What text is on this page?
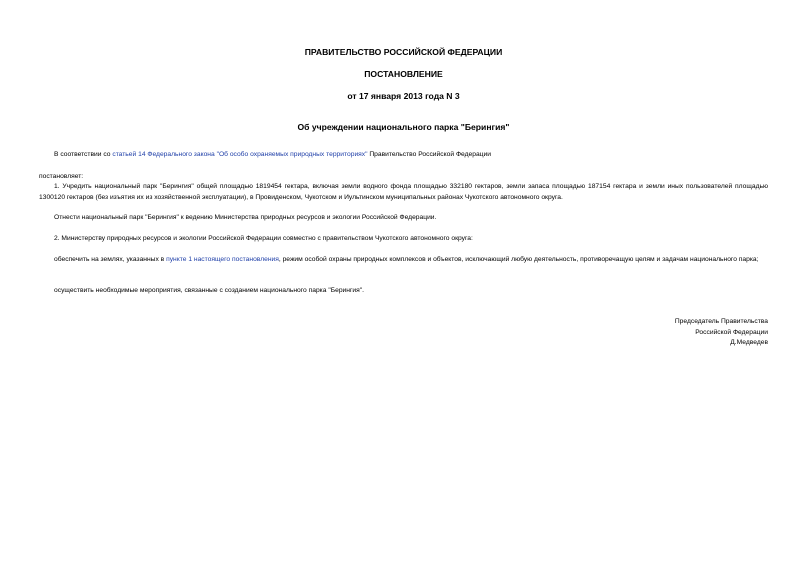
ПРАВИТЕЛЬСТВО РОССИЙСКОЙ ФЕДЕРАЦИИ
ПОСТАНОВЛЕНИЕ
от 17 января 2013 года N 3
Об учреждении национального парка "Берингия"
В соответствии со статьей 14 Федерального закона "Об особо охраняемых природных территориях" Правительство Российской Федерации
постановляет:
1. Учредить национальный парк "Берингия" общей площадью 1819454 гектара, включая земли водного фонда площадью 332180 гектаров, земли запаса площадью 187154 гектара и земли иных пользователей площадью 1300120 гектаров (без изъятия их из хозяйственной эксплуатации), в Провиденском, Чукотском и Иультинском муниципальных районах Чукотского автономного округа.
Отнести национальный парк "Берингия" к ведению Министерства природных ресурсов и экологии Российской Федерации.
2. Министерству природных ресурсов и экологии Российской Федерации совместно с правительством Чукотского автономного округа:
обеспечить на землях, указанных в пункте 1 настоящего постановления, режим особой охраны природных комплексов и объектов, исключающий любую деятельность, противоречащую целям и задачам национального парка;
осуществить необходимые мероприятия, связанные с созданием национального парка "Берингия".
Председатель Правительства
Российской Федерации
Д.Медведев
